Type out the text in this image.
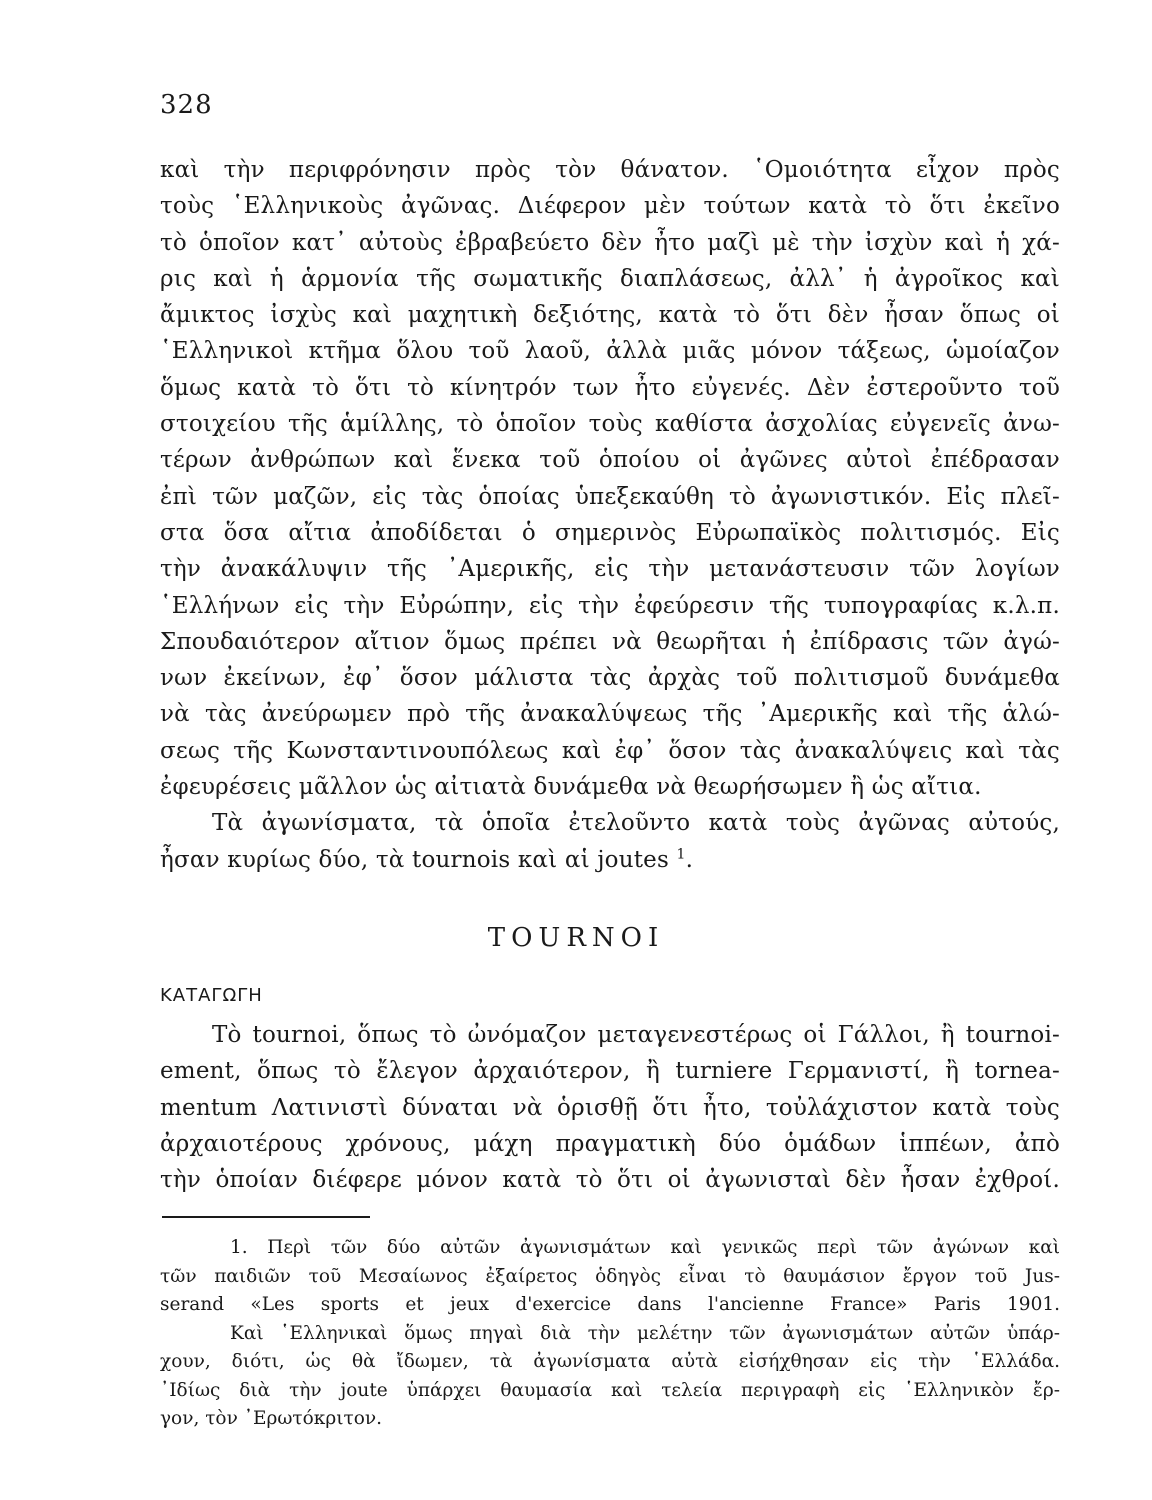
328
καὶ τὴν περιφρόνησιν πρὸς τὸν θάνατον. ῾Ομοιότητα εἶχον πρὸς
τοὺς ῾Ελληνικοὺς ἀγῶνας. Διέφερον μὲν τούτων κατὰ τὸ ὅτι ἐκεῖνο
τὸ ὁποῖον κατ᾽ αὐτοὺς ἐβραβεύετο δὲν ἦτο μαζὶ μὲ τὴν ἰσχὺν καὶ ἡ χά-
ρις καὶ ἡ ἁρμονία τῆς σωματικῆς διαπλάσεως, ἀλλ᾽ ἡ ἀγροῖκος καὶ
ἄμικτος ἰσχὺς καὶ μαχητικὴ δεξιότης, κατὰ τὸ ὅτι δὲν ἦσαν ὅπως οἱ
῾Ελληνικοὶ κτῆμα ὅλου τοῦ λαοῦ, ἀλλὰ μιᾶς μόνον τάξεως, ὡμοίαζον
ὅμως κατὰ τὸ ὅτι τὸ κίνητρόν των ἦτο εὐγενές. Δὲν ἐστεροῦντο τοῦ
στοιχείου τῆς ἁμίλλης, τὸ ὁποῖον τοὺς καθίστα ἀσχολίας εὐγενεῖς ἀνω-
τέρων ἀνθρώπων καὶ ἕνεκα τοῦ ὁποίου οἱ ἀγῶνες αὐτοὶ ἐπέδρασαν
ἐπὶ τῶν μαζῶν, εἰς τὰς ὁποίας ὑπεξεκαύθη τὸ ἀγωνιστικόν. Εἰς πλεῖ-
στα ὅσα αἴτια ἀποδίδεται ὁ σημερινὸς Εὐρωπαϊκὸς πολιτισμός. Εἰς
τὴν ἀνακάλυψιν τῆς ᾽Αμερικῆς, εἰς τὴν μετανάστευσιν τῶν λογίων
῾Ελλήνων εἰς τὴν Εὐρώπην, εἰς τὴν ἐφεύρεσιν τῆς τυπογραφίας κ.λ.π.
Σπουδαιότερον αἴτιον ὅμως πρέπει νὰ θεωρῆται ἡ ἐπίδρασις τῶν ἀγώ-
νων ἐκείνων, ἐφ᾽ ὅσον μάλιστα τὰς ἀρχὰς τοῦ πολιτισμοῦ δυνάμεθα
νὰ τὰς ἀνεύρωμεν πρὸ τῆς ἀνακαλύψεως τῆς ᾽Αμερικῆς καὶ τῆς ἁλώ-
σεως τῆς Κωνσταντινουπόλεως καὶ ἐφ᾽ ὅσον τὰς ἀνακαλύψεις καὶ τὰς
ἐφευρέσεις μᾶλλον ὡς αἰτιατὰ δυνάμεθα νὰ θεωρήσωμεν ἢ ὡς αἴτια.
Τὰ ἀγωνίσματα, τὰ ὁποῖα ἐτελοῦντο κατὰ τοὺς ἀγῶνας αὐτούς,
ἦσαν κυρίως δύο, τὰ tournois καὶ αἱ joutes $^1$.
TOURNOI
ΚΑΤΑΓΩΓΗ
Τὸ tournoi, ὅπως τὸ ὠνόμαζον μεταγενεστέρως οἱ Γάλλοι, ἢ tournoi-
ement, ὅπως τὸ ἔλεγον ἀρχαιότερον, ἢ turniere Γερμανιστί, ἢ tornea-
mentum Λατινιστὶ δύναται νὰ ὁρισθῇ ὅτι ἦτο, τοὐλάχιστον κατὰ τοὺς
ἀρχαιοτέρους χρόνους, μάχη πραγματικὴ δύο ὁμάδων ἱππέων, ἀπὸ
τὴν ὁποίαν διέφερε μόνον κατὰ τὸ ὅτι οἱ ἀγωνισταὶ δὲν ἦσαν ἐχθροί.
1. Περὶ τῶν δύο αὐτῶν ἀγωνισμάτων καὶ γενικῶς περὶ τῶν ἀγώνων καὶ
τῶν παιδιῶν τοῦ Μεσαίωνος ἐξαίρετος ὁδηγὸς εἶναι τὸ θαυμάσιον ἔργον τοῦ Jus-
serand «Les sports et jeux d'exercice dans l'ancienne France» Paris 1901.
Καὶ ῾Ελληνικαὶ ὅμως πηγαὶ διὰ τὴν μελέτην τῶν ἀγωνισμάτων αὐτῶν ὑπάρ-
χουν, διότι, ὡς θὰ ἴδωμεν, τὰ ἀγωνίσματα αὐτὰ εἰσήχθησαν εἰς τὴν ῾Ελλάδα.
᾽Ιδίως διὰ τὴν joute ὑπάρχει θαυμασία καὶ τελεία περιγραφὴ εἰς ῾Ελληνικὸν ἔρ-
γον, τὸν ᾽Ερωτόκριτον.
